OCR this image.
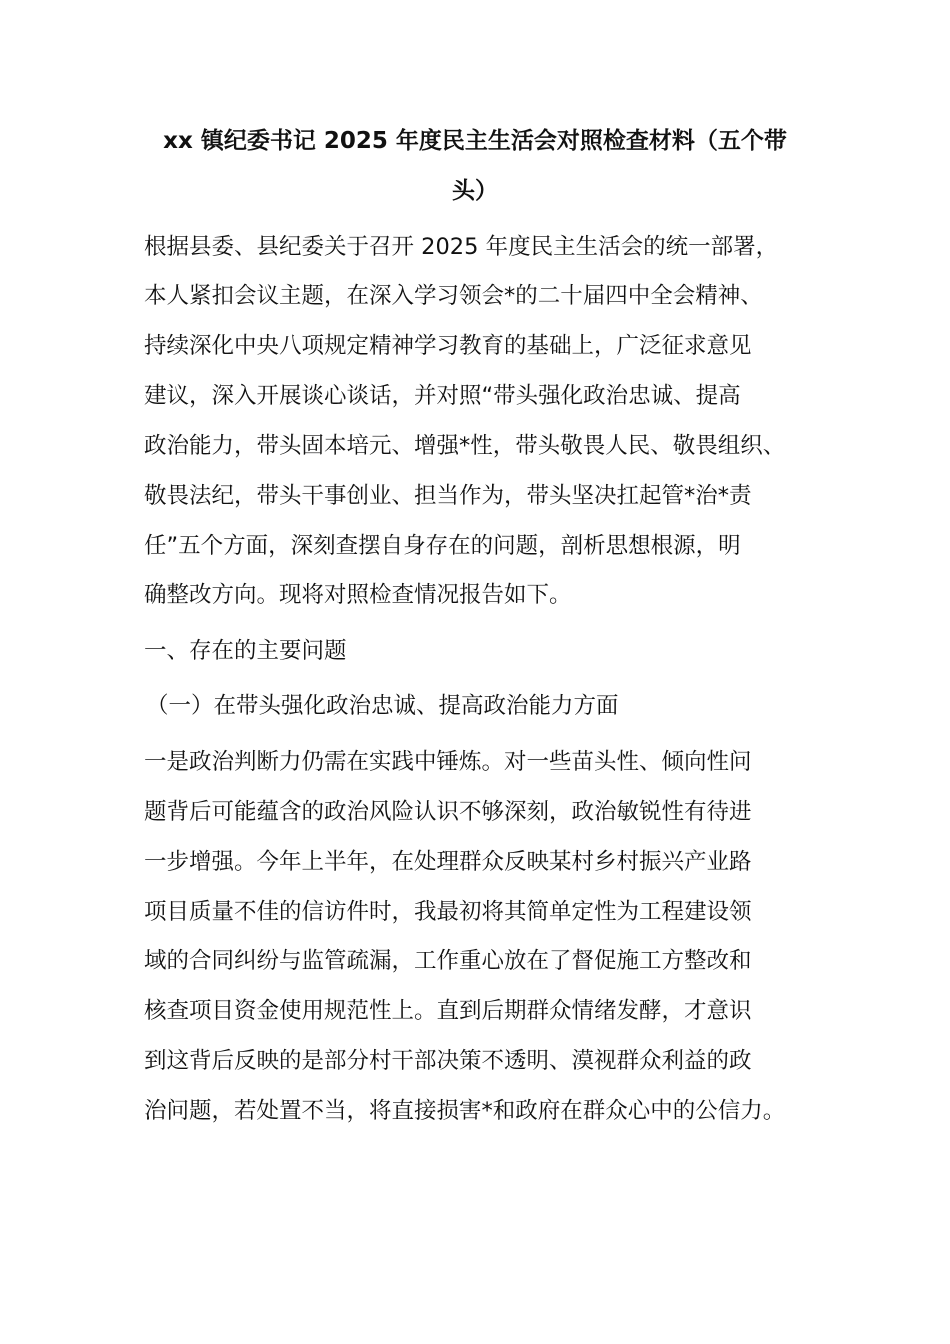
xx 镇纪委书记 2025 年度民主生活会对照检查材料（五个带
头）
根据县委、县纪委关于召开 2025 年度民主生活会的统一部署，
本人紧扣会议主题，在深入学习领会*的二十届四中全会精神、
持续深化中央八项规定精神学习教育的基础上，广泛征求意见
建议，深入开展谈心谈话，并对照“带头强化政治忠诚、提高
政治能力，带头固本培元、增强*性，带头敬畏人民、敬畏组织、
敬畏法纪，带头干事创业、担当作为，带头坚决扛起管*治*责
任”五个方面，深刻查摆自身存在的问题，剖析思想根源，明
确整改方向。现将对照检查情况报告如下。
一、存在的主要问题
（一）在带头强化政治忠诚、提高政治能力方面
一是政治判断力仍需在实践中锤炼。对一些苗头性、倾向性问
题背后可能蕴含的政治风险认识不够深刻，政治敏锐性有待进
一步增强。今年上半年，在处理群众反映某村乡村振兴产业路
项目质量不佳的信访件时，我最初将其简单定性为工程建设领
域的合同纠纷与监管疏漏，工作重心放在了督促施工方整改和
核查项目资金使用规范性上。直到后期群众情绪发酵，才意识
到这背后反映的是部分村干部决策不透明、漠视群众利益的政
治问题，若处置不当，将直接损害*和政府在群众心中的公信力。
